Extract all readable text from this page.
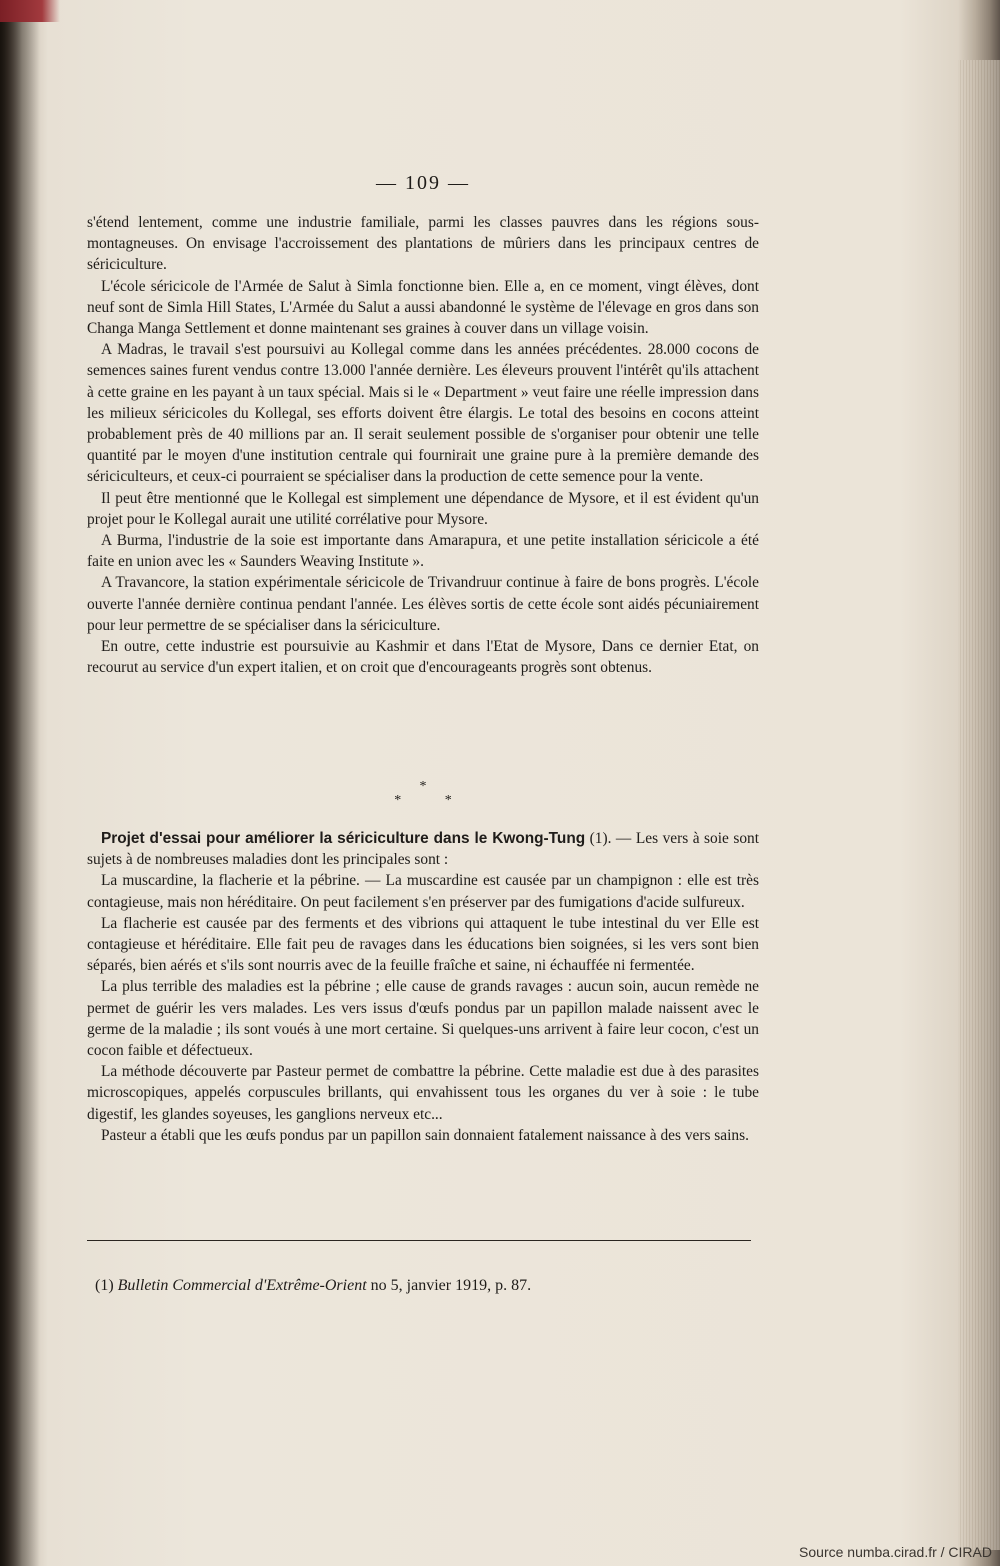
— 109 —

s'étend lentement, comme une industrie familiale, parmi les classes pauvres dans les régions sous-montagneuses. On envisage l'accroissement des plantations de mûriers dans les principaux centres de sériciculture.

L'école séricicole de l'Armée de Salut à Simla fonctionne bien. Elle a, en ce moment, vingt élèves, dont neuf sont de Simla Hill States, L'Armée du Salut a aussi abandonné le système de l'élevage en gros dans son Changa Manga Settlement et donne maintenant ses graines à couver dans un village voisin.

A Madras, le travail s'est poursuivi au Kollegal comme dans les années précédentes. 28.000 cocons de semences saines furent vendus contre 13.000 l'année dernière. Les éleveurs prouvent l'intérêt qu'ils attachent à cette graine en les payant à un taux spécial. Mais si le « Department » veut faire une réelle impression dans les milieux séricicoles du Kollegal, ses efforts doivent être élargis. Le total des besoins en cocons atteint probablement près de 40 millions par an. Il serait seulement possible de s'organiser pour obtenir une telle quantité par le moyen d'une institution centrale qui fournirait une graine pure à la première demande des sériciculteurs, et ceux-ci pourraient se spécialiser dans la production de cette semence pour la vente.

Il peut être mentionné que le Kollegal est simplement une dépendance de Mysore, et il est évident qu'un projet pour le Kollegal aurait une utilité corrélative pour Mysore.

A Burma, l'industrie de la soie est importante dans Amarapura, et une petite installation séricicole a été faite en union avec les « Saunders Weaving Institute ».

A Travancore, la station expérimentale séricicole de Trivandruur continue à faire de bons progrès. L'école ouverte l'année dernière continua pendant l'année. Les élèves sortis de cette école sont aidés pécuniairement pour leur permettre de se spécialiser dans la sériciculture.

En outre, cette industrie est poursuivie au Kashmir et dans l'Etat de Mysore, Dans ce dernier Etat, on recourut au service d'un expert italien, et on croit que d'encourageants progrès sont obtenus.

*
* *

Projet d'essai pour améliorer la sériciculture dans le Kwong-Tung (1). — Les vers à soie sont sujets à de nombreuses maladies dont les principales sont :

La muscardine, la flacherie et la pébrine. — La muscardine est causée par un champignon : elle est très contagieuse, mais non héréditaire. On peut facilement s'en préserver par des fumigations d'acide sulfureux.

La flacherie est causée par des ferments et des vibrions qui attaquent le tube intestinal du ver Elle est contagieuse et héréditaire. Elle fait peu de ravages dans les éducations bien soignées, si les vers sont bien séparés, bien aérés et s'ils sont nourris avec de la feuille fraîche et saine, ni échauffée ni fermentée.

La plus terrible des maladies est la pébrine ; elle cause de grands ravages : aucun soin, aucun remède ne permet de guérir les vers malades. Les vers issus d'œufs pondus par un papillon malade naissent avec le germe de la maladie ; ils sont voués à une mort certaine. Si quelques-uns arrivent à faire leur cocon, c'est un cocon faible et défectueux.

La méthode découverte par Pasteur permet de combattre la pébrine. Cette maladie est due à des parasites microscopiques, appelés corpuscules brillants, qui envahissent tous les organes du ver à soie : le tube digestif, les glandes soyeuses, les ganglions nerveux etc...

Pasteur a établi que les œufs pondus par un papillon sain donnaient fatalement naissance à des vers sains.

(1) Bulletin Commercial d'Extrême-Orient no 5, janvier 1919, p. 87.
Source numba.cirad.fr / CIRAD
